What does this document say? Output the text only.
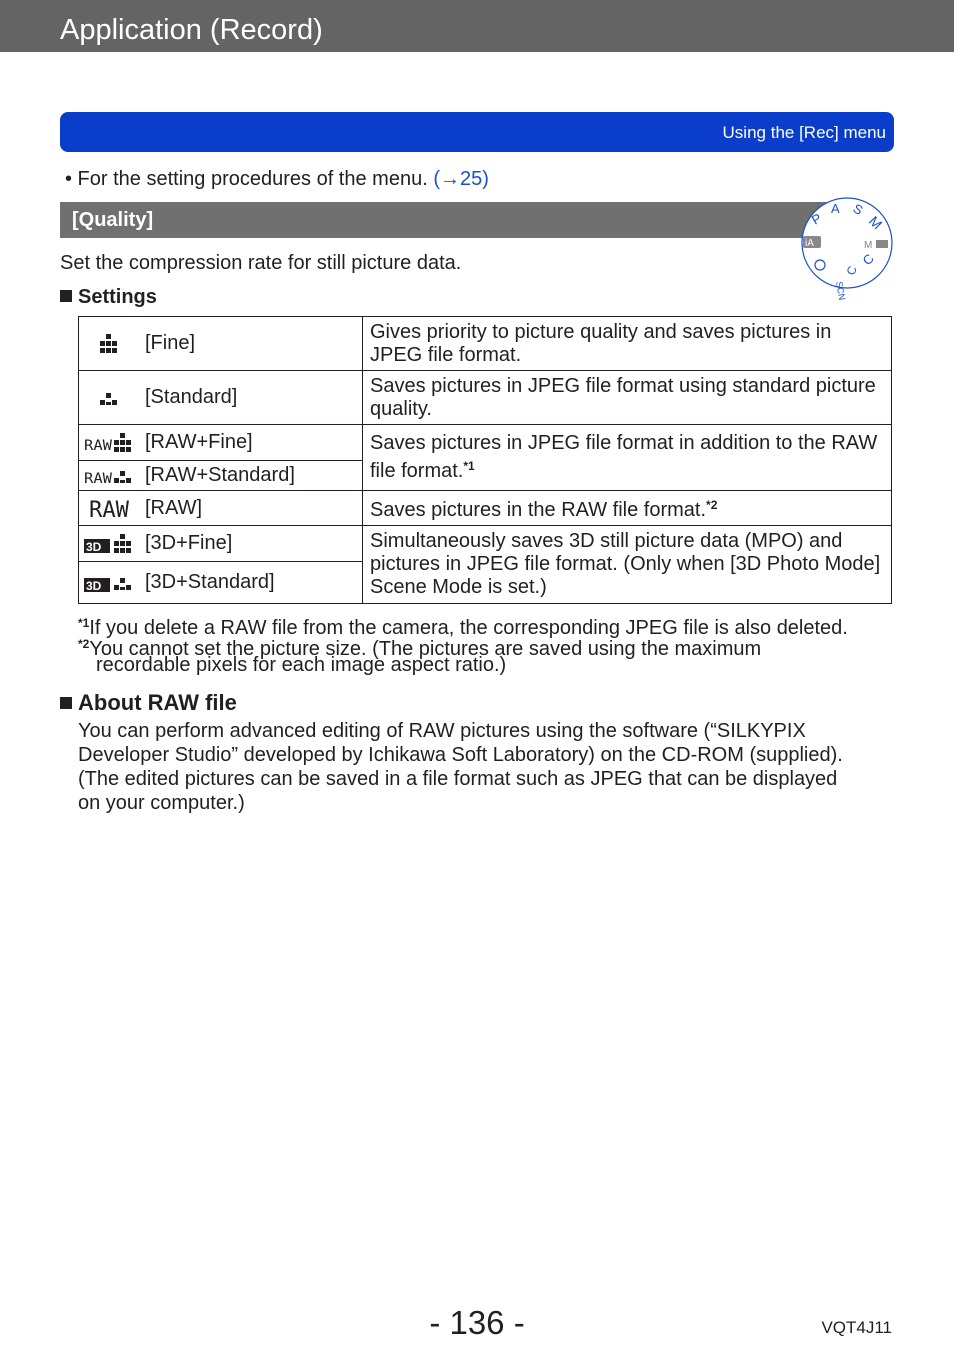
Application (Record)
Using the [Rec] menu
• For the setting procedures of the menu. (→25)
[Quality]	P
A S
M
M
iA
C
C
SCN
Set the compression rate for still picture data.
Settings
[Fine]	Gives priority to picture quality and saves pictures in JPEG file format.

[Standard]	Saves pictures in JPEG file format using standard picture quality.

RAW [RAW+Fine]	Saves pictures in JPEG file format in addition to the RAW file format.$^{*1}$

RAW [RAW+Standard]	

RAW [RAW]	Saves pictures in the RAW file format.$^{*2}$

3D [3D+Fine]	Simultaneously saves 3D still picture data (MPO) and pictures in JPEG file format. (Only when [3D Photo Mode] Scene Mode is set.)

3D [3D+Standard]	
$^{*1}$If you delete a RAW file from the camera, the corresponding JPEG file is also deleted.
$^{*2}$You cannot set the picture size. (The pictures are saved using the maximum
recordable pixels for each image aspect ratio.)
About RAW file
You can perform advanced editing of RAW pictures using the software (“SILKYPIX
Developer Studio” developed by Ichikawa Soft Laboratory) on the CD-ROM (supplied).
(The edited pictures can be saved in a file format such as JPEG that can be displayed
on your computer.)
- 136 -	VQT4J11
